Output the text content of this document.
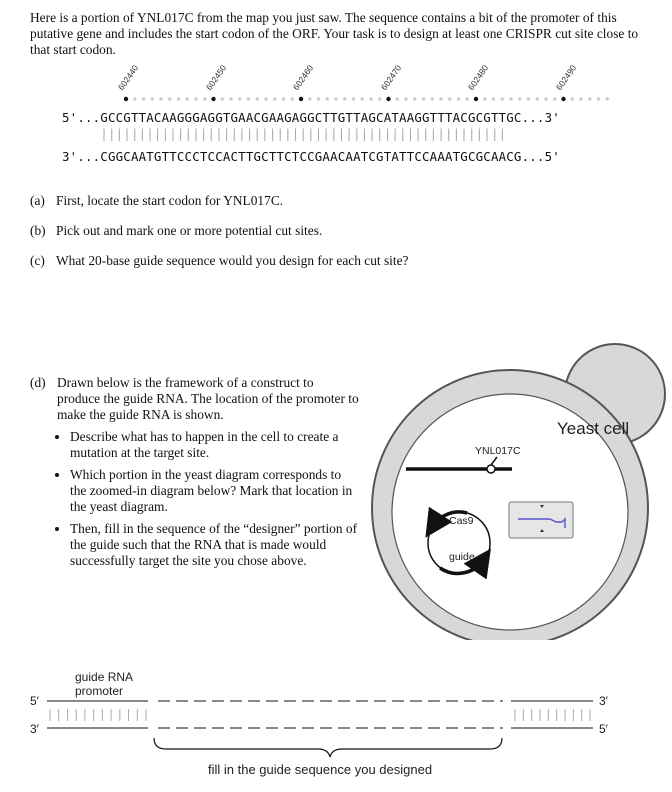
Here is a portion of YNL017C from the map you just saw. The sequence contains a bit of the promoter of this putative gene and includes the start codon of the ORF. Your task is to design at least one CRISPR cut site close to that start codon.
602440	602450	602460	602470	602480	602490
5'...GCCGTTACAAGGGAGGTGAACGAAGAGGCTTGTTAGCATAAGGTTTACGCGTTGC...3'
|||||||||||||||||||||||||||||||||||||||||||||||||||||
3'...CGGCAATGTTCCCTCCACTTGCTTCTCCGAACAATCGTATTCCAAATGCGCAACG...5'
(a) First, locate the start codon for YNL017C.
(b) Pick out and mark one or more potential cut sites.
(c) What 20-base guide sequence would you design for each cut site?
(d) Drawn below is the framework of a construct to produce the guide RNA. The location of the promoter to make the guide RNA is shown.
• Describe what has to happen in the cell to create a mutation at the target site.
• Which portion in the yeast diagram corresponds to the zoomed-in diagram below? Mark that location in the yeast diagram.
• Then, fill in the sequence of the “designer” portion of the guide such that the RNA that is made would successfully target the site you chose above.
Yeast cell
YNL017C
Cas9
guide
guide RNA
promoter
5′
3′
3′
5′
fill in the guide sequence you designed
